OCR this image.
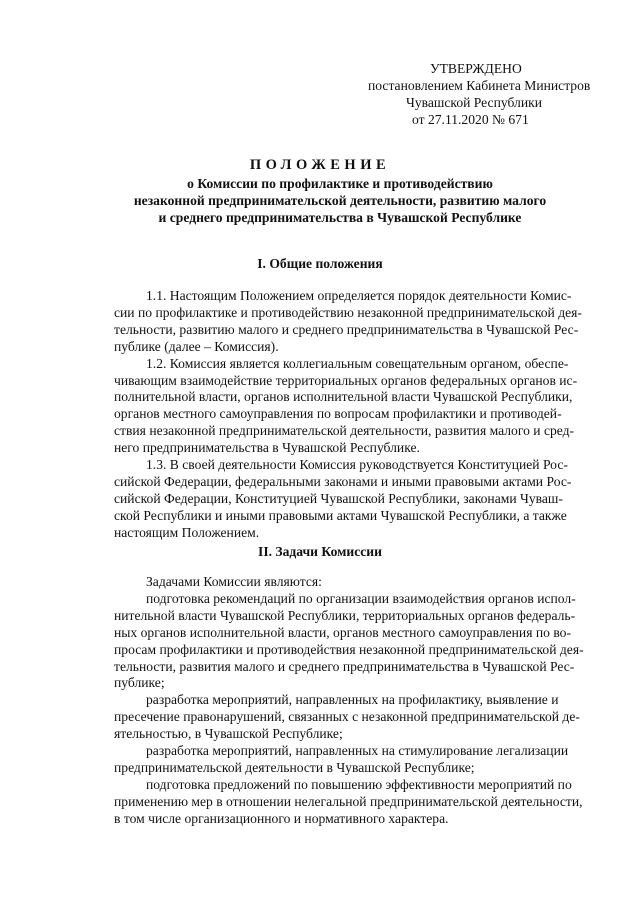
УТВЕРЖДЕНО
постановлением Кабинета Министров
Чувашской Республики
от 27.11.2020 № 671
ПОЛОЖЕНИЕ
о Комиссии по профилактике и противодействию
незаконной предпринимательской деятельности, развитию малого
и среднего предпринимательства в Чувашской Республике
I. Общие положения
1.1. Настоящим Положением определяется порядок деятельности Комис-
сии по профилактике и противодействию незаконной предпринимательской дея-
тельности, развитию малого и среднего предпринимательства в Чувашской Рес-
публике (далее – Комиссия).
1.2. Комиссия является коллегиальным совещательным органом, обеспе-
чивающим взаимодействие территориальных органов федеральных органов ис-
полнительной власти, органов исполнительной власти Чувашской Республики,
органов местного самоуправления по вопросам профилактики и противодей-
ствия незаконной предпринимательской деятельности, развития малого и сред-
него предпринимательства в Чувашской Республике.
1.3. В своей деятельности Комиссия руководствуется Конституцией Рос-
сийской Федерации, федеральными законами и иными правовыми актами Рос-
сийской Федерации, Конституцией Чувашской Республики, законами Чуваш-
ской Республики и иными правовыми актами Чувашской Республики, а также
настоящим Положением.
II. Задачи Комиссии
Задачами Комиссии являются:
подготовка рекомендаций по организации взаимодействия органов испол-
нительной власти Чувашской Республики, территориальных органов федераль-
ных органов исполнительной власти, органов местного самоуправления по во-
просам профилактики и противодействия незаконной предпринимательской дея-
тельности, развития малого и среднего предпринимательства в Чувашской Рес-
публике;
разработка мероприятий, направленных на профилактику, выявление и
пресечение правонарушений, связанных с незаконной предпринимательской де-
ятельностью, в Чувашской Республике;
разработка мероприятий, направленных на стимулирование легализации
предпринимательской деятельности в Чувашской Республике;
подготовка предложений по повышению эффективности мероприятий по
применению мер в отношении нелегальной предпринимательской деятельности,
в том числе организационного и нормативного характера.
